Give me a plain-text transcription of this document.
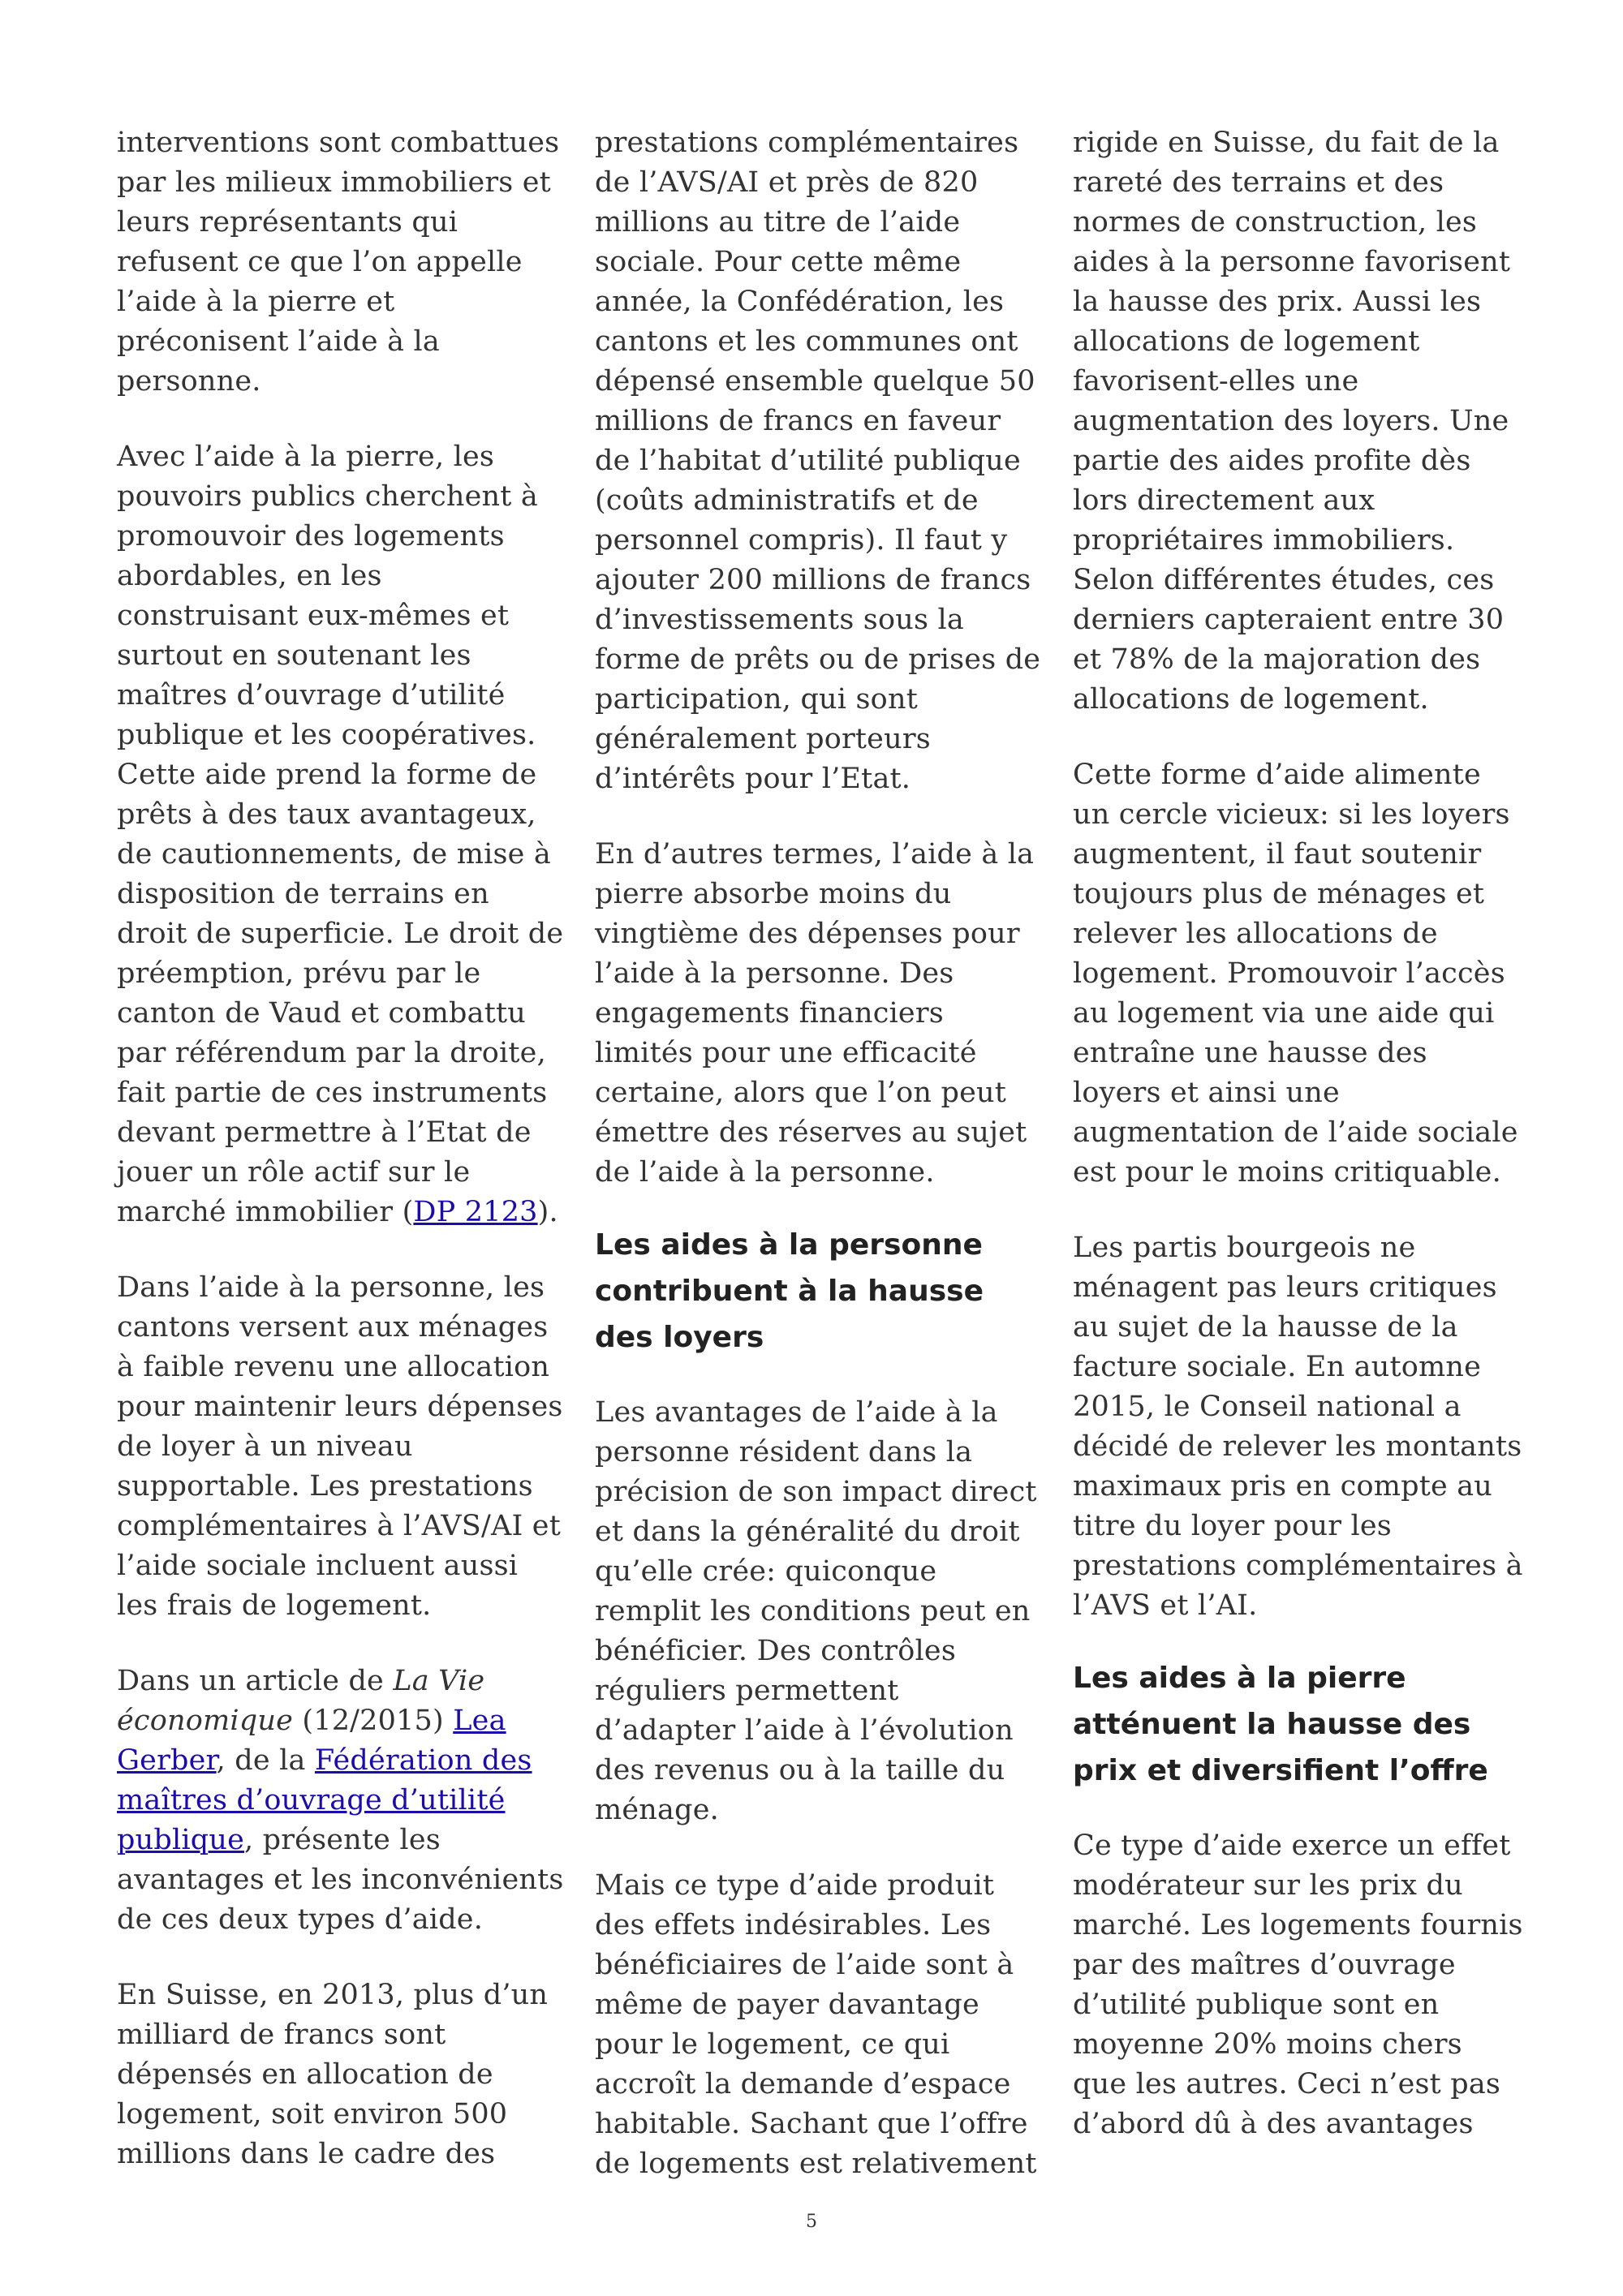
interventions sont combattues par les milieux immobiliers et leurs représentants qui refusent ce que l’on appelle l’aide à la pierre et préconisent l’aide à la personne.

Avec l’aide à la pierre, les pouvoirs publics cherchent à promouvoir des logements abordables, en les construisant eux-mêmes et surtout en soutenant les maîtres d’ouvrage d’utilité publique et les coopératives. Cette aide prend la forme de prêts à des taux avantageux, de cautionnements, de mise à disposition de terrains en droit de superficie. Le droit de préemption, prévu par le canton de Vaud et combattu par référendum par la droite, fait partie de ces instruments devant permettre à l’Etat de jouer un rôle actif sur le marché immobilier (DP 2123).

Dans l’aide à la personne, les cantons versent aux ménages à faible revenu une allocation pour maintenir leurs dépenses de loyer à un niveau supportable. Les prestations complémentaires à l’AVS/AI et l’aide sociale incluent aussi les frais de logement.

Dans un article de La Vie économique (12/2015) Lea Gerber, de la Fédération des maîtres d’ouvrage d’utilité publique, présente les avantages et les inconvénients de ces deux types d’aide.

En Suisse, en 2013, plus d’un milliard de francs sont dépensés en allocation de logement, soit environ 500 millions dans le cadre des

prestations complémentaires de l’AVS/AI et près de 820 millions au titre de l’aide sociale. Pour cette même année, la Confédération, les cantons et les communes ont dépensé ensemble quelque 50 millions de francs en faveur de l’habitat d’utilité publique (coûts administratifs et de personnel compris). Il faut y ajouter 200 millions de francs d’investissements sous la forme de prêts ou de prises de participation, qui sont généralement porteurs d’intérêts pour l’Etat.

En d’autres termes, l’aide à la pierre absorbe moins du vingtième des dépenses pour l’aide à la personne. Des engagements financiers limités pour une efficacité certaine, alors que l’on peut émettre des réserves au sujet de l’aide à la personne.

Les aides à la personne contribuent à la hausse des loyers

Les avantages de l’aide à la personne résident dans la précision de son impact direct et dans la généralité du droit qu’elle crée: quiconque remplit les conditions peut en bénéficier. Des contrôles réguliers permettent d’adapter l’aide à l’évolution des revenus ou à la taille du ménage.

Mais ce type d’aide produit des effets indésirables. Les bénéficiaires de l’aide sont à même de payer davantage pour le logement, ce qui accroît la demande d’espace habitable. Sachant que l’offre de logements est relativement

rigide en Suisse, du fait de la rareté des terrains et des normes de construction, les aides à la personne favorisent la hausse des prix. Aussi les allocations de logement favorisent-elles une augmentation des loyers. Une partie des aides profite dès lors directement aux propriétaires immobiliers. Selon différentes études, ces derniers capteraient entre 30 et 78% de la majoration des allocations de logement.

Cette forme d’aide alimente un cercle vicieux: si les loyers augmentent, il faut soutenir toujours plus de ménages et relever les allocations de logement. Promouvoir l’accès au logement via une aide qui entraîne une hausse des loyers et ainsi une augmentation de l’aide sociale est pour le moins critiquable.

Les partis bourgeois ne ménagent pas leurs critiques au sujet de la hausse de la facture sociale. En automne 2015, le Conseil national a décidé de relever les montants maximaux pris en compte au titre du loyer pour les prestations complémentaires à l’AVS et l’AI.

Les aides à la pierre atténuent la hausse des prix et diversifient l’offre

Ce type d’aide exerce un effet modérateur sur les prix du marché. Les logements fournis par des maîtres d’ouvrage d’utilité publique sont en moyenne 20% moins chers que les autres. Ceci n’est pas d’abord dû à des avantages

5
